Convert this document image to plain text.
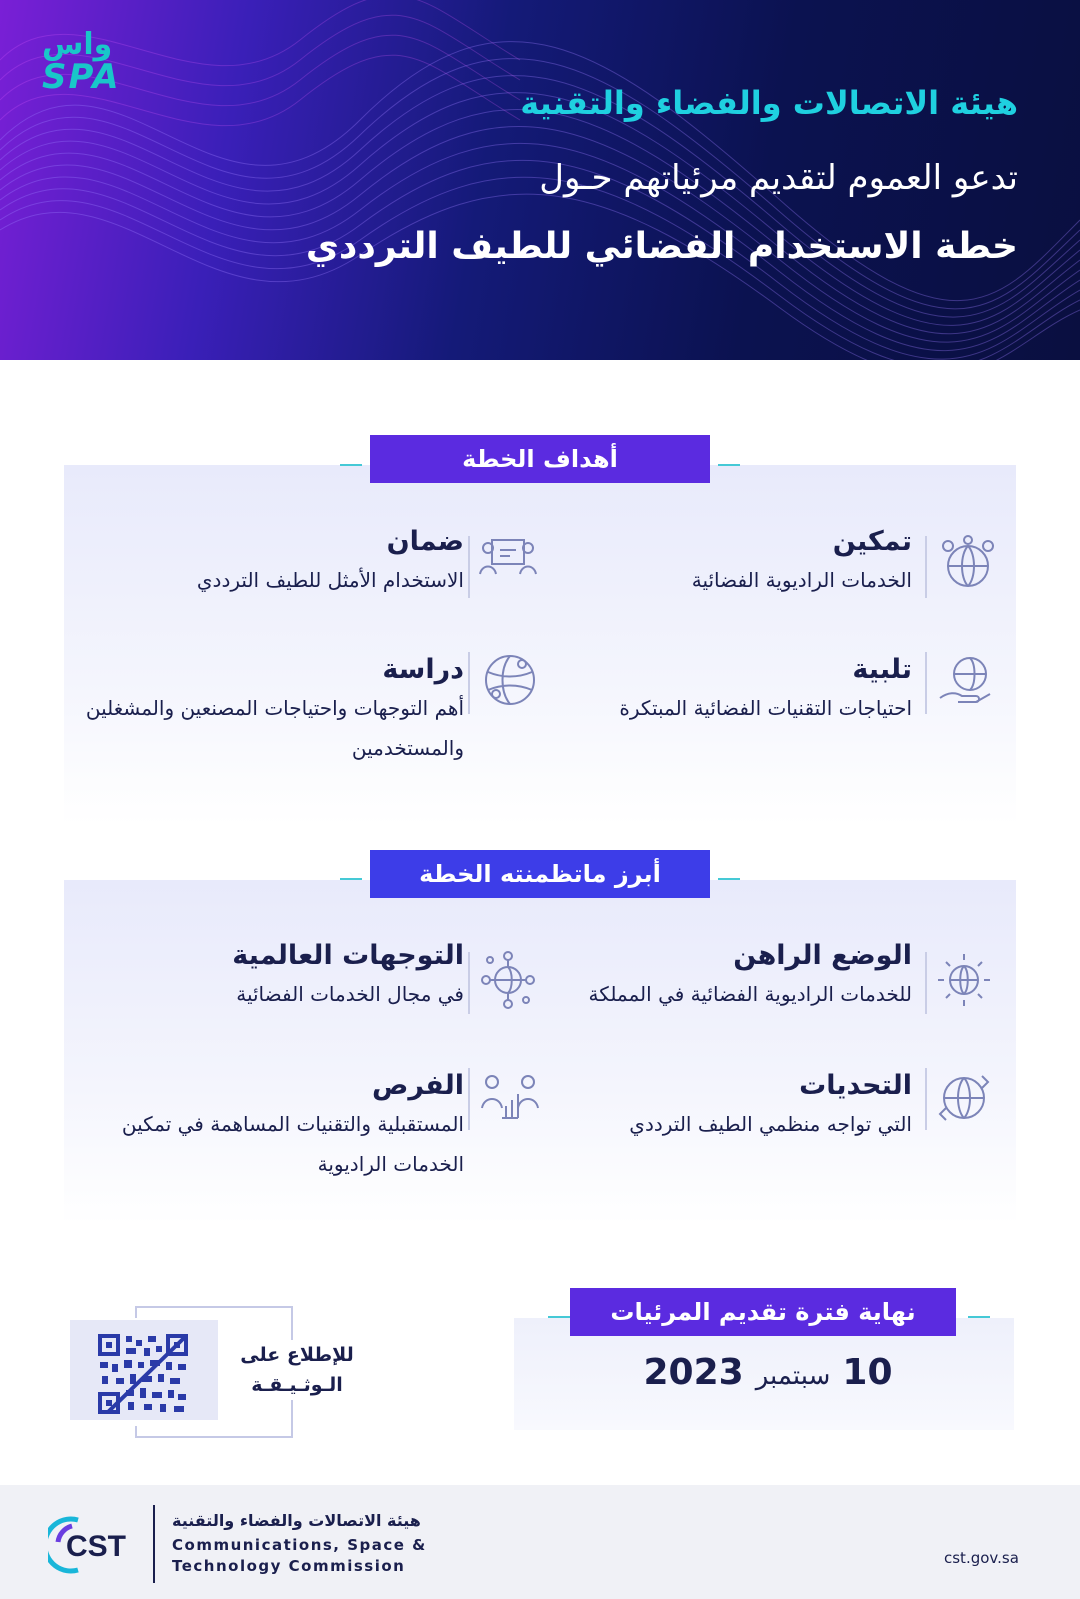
واس
SPA
هيئة الاتصالات والفضاء والتقنية
تدعو العموم لتقديم مرئياتهم حـول
خطة الاستخدام الفضائي للطيف الترددي
أهداف الخطة
تمكين
الخدمات الراديوية الفضائية
ضمان
الاستخدام الأمثل للطيف الترددي
تلبية
احتياجات التقنيات الفضائية المبتكرة
دراسة
أهم التوجهات واحتياجات المصنعين والمشغلين والمستخدمين
أبرز ماتظمنته الخطة
الوضع الراهن
للخدمات الراديوية الفضائية في المملكة
التوجهات العالمية
في مجال الخدمات الفضائية
التحديات
التي تواجه منظمي الطيف الترددي
الفرص
المستقبلية والتقنيات المساهمة في تمكين الخدمات الراديوية
نهاية فترة تقديم المرئيات
10سبتمبر2023
للإطلاع على
الـوثـيـقـة
CST
هيئة الاتصالات والفضاء والتقنية
Communications, Space &
Technology Commission	cst.gov.sa
